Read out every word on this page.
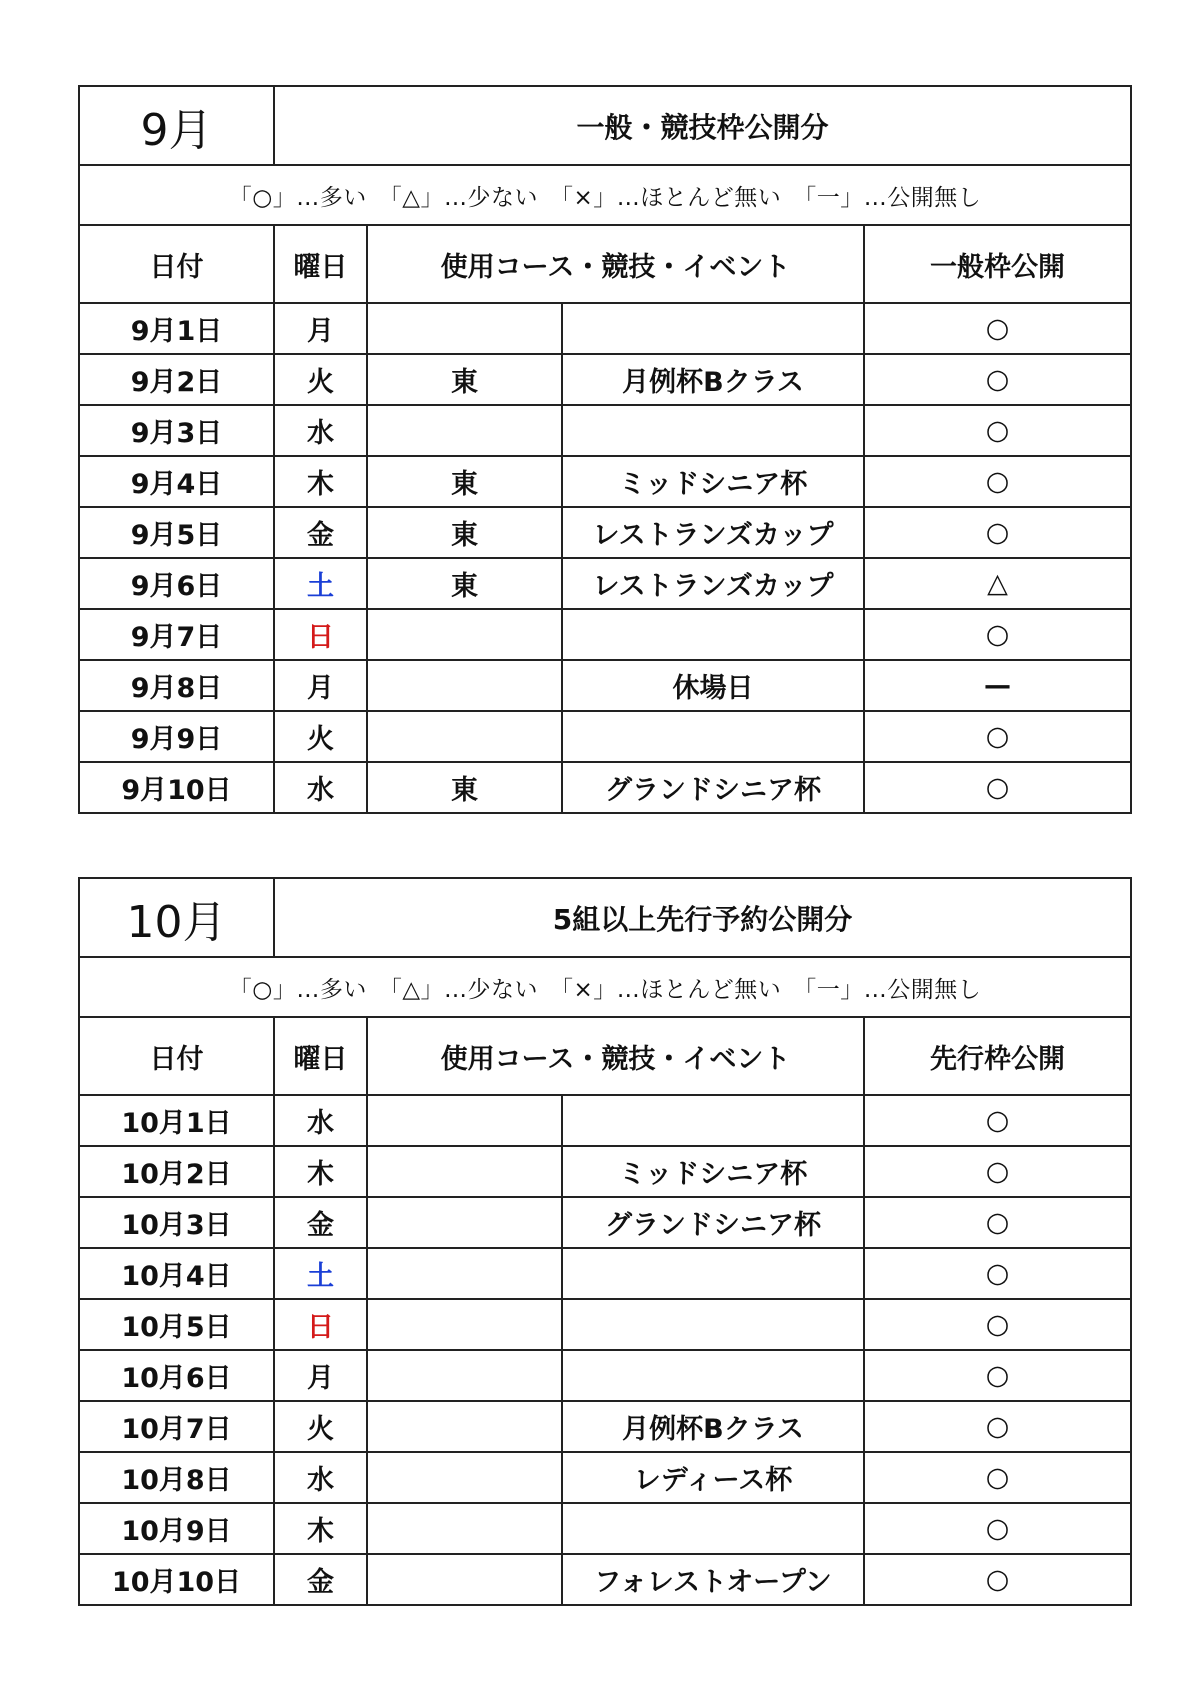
9月	一般・競技枠公開分			
「○」…多い　「△」…少ない　「×」…ほとんど無い　「一」…公開無し				
日付	曜日	使用コース・競技・イベント		一般枠公開
9月1日	月			○
9月2日	火	東	月例杯Bクラス	○
9月3日	水			○
9月4日	木	東	ミッドシニア杯	○
9月5日	金	東	レストランズカップ	○
9月6日	土	東	レストランズカップ	△
9月7日	日			○
9月8日	月		休場日	—
9月9日	火			○
9月10日	水	東	グランドシニア杯	○
10月	5組以上先行予約公開分			
「○」…多い　「△」…少ない　「×」…ほとんど無い　「一」…公開無し				
日付	曜日	使用コース・競技・イベント		先行枠公開
10月1日	水			○
10月2日	木		ミッドシニア杯	○
10月3日	金		グランドシニア杯	○
10月4日	土			○
10月5日	日			○
10月6日	月			○
10月7日	火		月例杯Bクラス	○
10月8日	水		レディース杯	○
10月9日	木			○
10月10日	金		フォレストオープン	○
